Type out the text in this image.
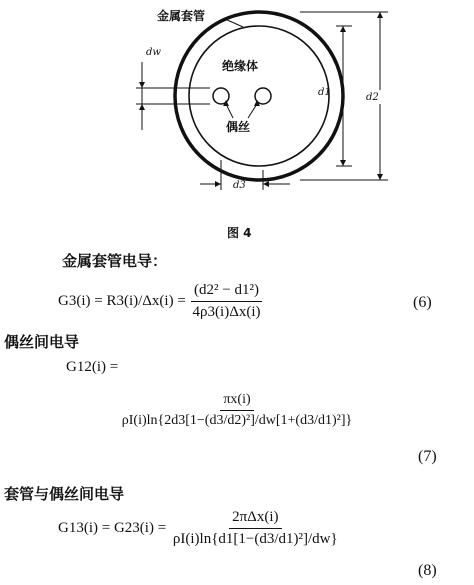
金属套管
绝缘体
偶丝
dw
d1	d2
d3
图 4
金属套管电导：
$G3(i) = R3(i)/\Delta x(i) = \frac{\text{(d2² − d1²)}}{4\rho 3(i)\Delta x(i)}$	(6)
偶丝间电导
G12(i) =
$\frac{\pi x(i)}{\text{ρI(i)ln\{2d3[1−(d3/d2)²]/dw[1+(d3/d1)²]\}}}$
(7)
套管与偶丝间电导
$G13(i) = G23(i) = \frac{\text{2πΔx(i)}}{\text{ρI(i)ln\{d1[1−(d3/d1)²]/dw\}}}$
(8)
